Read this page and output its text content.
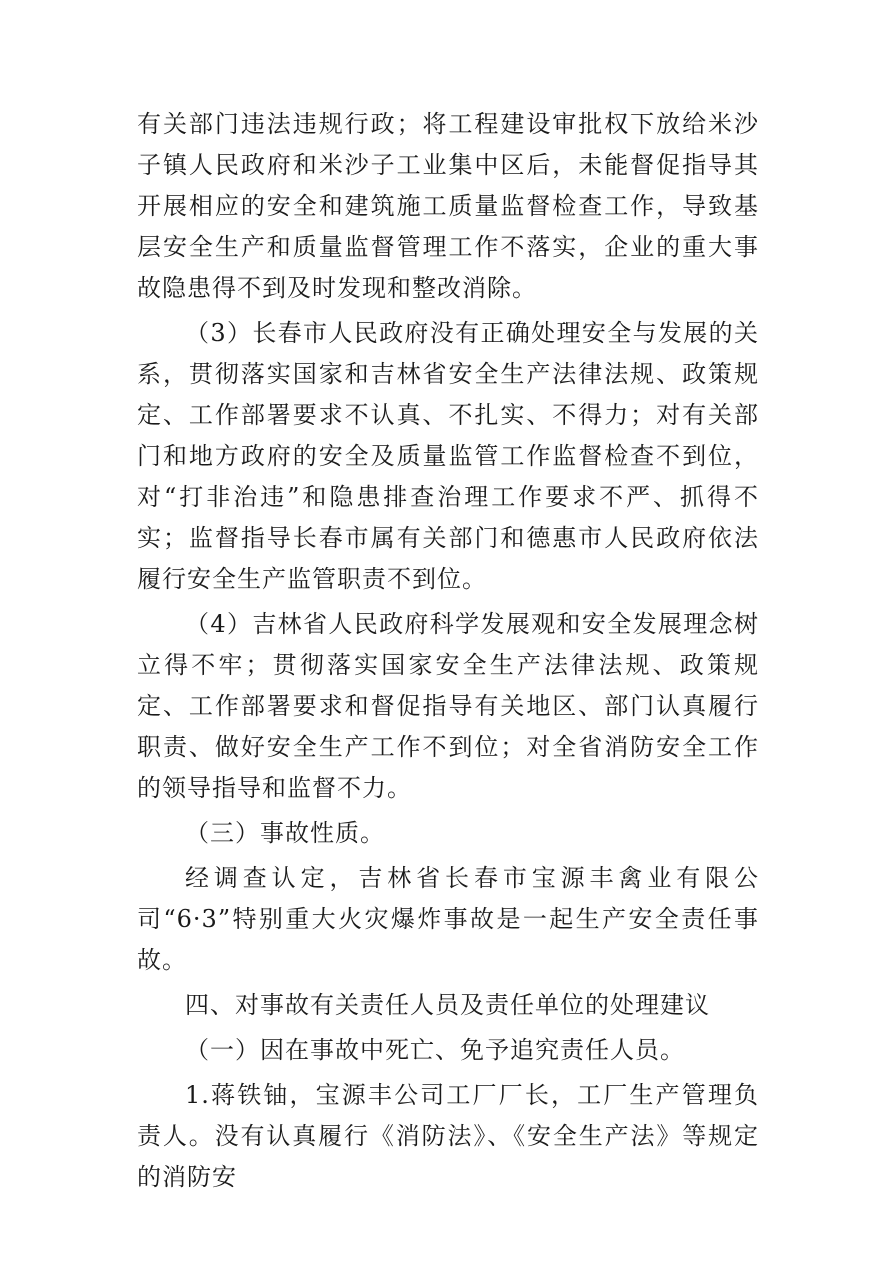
有关部门违法违规行政；将工程建设审批权下放给米沙子镇人民政府和米沙子工业集中区后，未能督促指导其开展相应的安全和建筑施工质量监督检查工作，导致基层安全生产和质量监督管理工作不落实，企业的重大事故隐患得不到及时发现和整改消除。

（3）长春市人民政府没有正确处理安全与发展的关系，贯彻落实国家和吉林省安全生产法律法规、政策规定、工作部署要求不认真、不扎实、不得力；对有关部门和地方政府的安全及质量监管工作监督检查不到位，对“打非治违”和隐患排查治理工作要求不严、抓得不实；监督指导长春市属有关部门和德惠市人民政府依法履行安全生产监管职责不到位。

（4）吉林省人民政府科学发展观和安全发展理念树立得不牢；贯彻落实国家安全生产法律法规、政策规定、工作部署要求和督促指导有关地区、部门认真履行职责、做好安全生产工作不到位；对全省消防安全工作的领导指导和监督不力。

（三）事故性质。

经调查认定，吉林省长春市宝源丰禽业有限公司“6·3”特别重大火灾爆炸事故是一起生产安全责任事故。

四、对事故有关责任人员及责任单位的处理建议

（一）因在事故中死亡、免予追究责任人员。

1.蒋铁铀，宝源丰公司工厂厂长，工厂生产管理负责人。没有认真履行《消防法》、《安全生产法》等规定的消防安
